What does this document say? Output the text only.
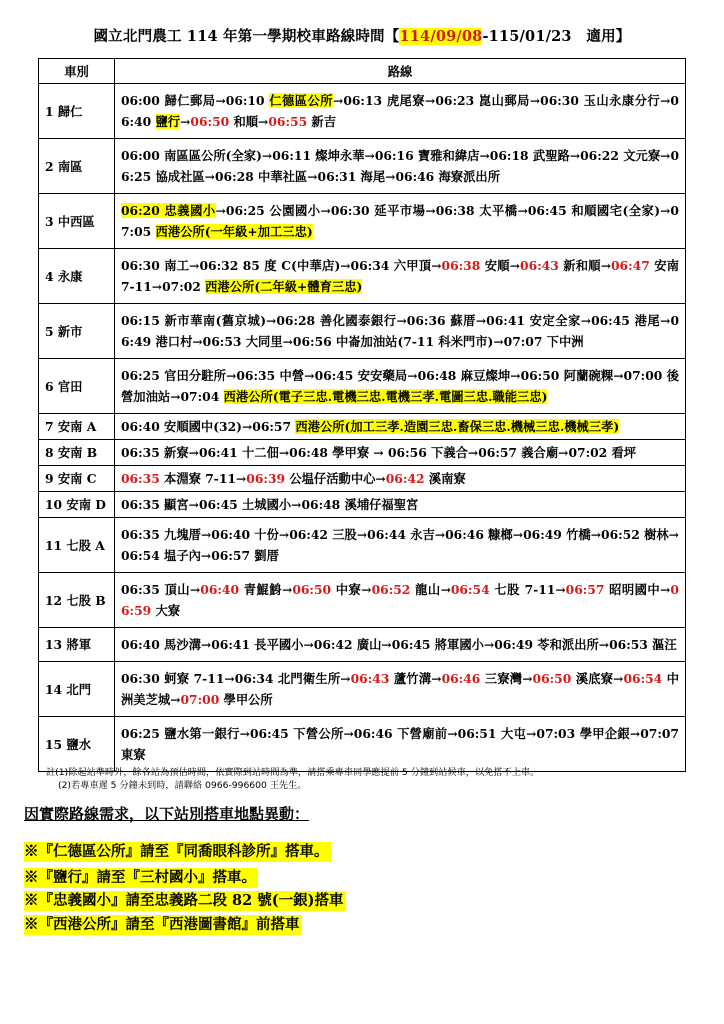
國立北門農工 114 年第一學期校車路線時間【114/09/08-115/01/23　適用】
車別	路線
1 歸仁	06:00 歸仁郵局→06:10 仁德區公所→06:13 虎尾寮→06:23 崑山郵局→06:30 玉山永康分行→06:40 鹽行→06:50 和順→06:55 新吉
2 南區	06:00 南區區公所(全家)→06:11 燦坤永華→06:16 寶雅和緯店→06:18 武聖路→06:22 文元寮→06:25 協成社區→06:28 中華社區→06:31 海尾→06:46 海寮派出所
3 中西區	06:20 忠義國小→06:25 公園國小→06:30 延平市場→06:38 太平橋→06:45 和順國宅(全家)→07:05 西港公所(一年級+加工三忠)
4 永康	06:30 南工→06:32 85 度 C(中華店)→06:34 六甲頂→06:38 安順→06:43 新和順→06:47 安南 7-11→07:02 西港公所(二年級+體育三忠)
5 新市	06:15 新市華南(舊京城)→06:28 善化國泰銀行→06:36 蘇厝→06:41 安定全家→06:45 港尾→06:49 港口村→06:53 大同里→06:56 中崙加油站(7-11 科米門市)→07:07 下中洲
6 官田	06:25 官田分駐所→06:35 中營→06:45 安安藥局→06:48 麻豆燦坤→06:50 阿蘭碗粿→07:00 後營加油站→07:04 西港公所(電子三忠.電機三忠.電機三孝.電圖三忠.職能三忠)
7 安南 A	06:40 安順國中(32)→06:57 西港公所(加工三孝.造園三忠.畜保三忠.機械三忠.機械三孝)
8 安南 B	06:35 新寮→06:41 十二佃→06:48 學甲寮 → 06:56 下義合→06:57 義合廟→07:02 看坪
9 安南 C	06:35 本淵寮 7-11→06:39 公塭仔活動中心→06:42 溪南寮
10 安南 D	06:35 顯宮→06:45 土城國小→06:48 溪埔仔福聖宮
11 七股 A	06:35 九塊厝→06:40 十份→06:42 三股→06:44 永吉→06:46 糠榔→06:49 竹橋→06:52 樹林→06:54 塭子內→06:57 劉厝
12 七股 B	06:35 頂山→06:40 青鯤鯓→06:50 中寮→06:52 龍山→06:54 七股 7-11→06:57 昭明國中→06:59 大寮
13 將軍	06:40 馬沙溝→06:41 長平國小→06:42 廣山→06:45 將軍國小→06:49 苓和派出所→06:53 漚汪
14 北門	06:30 蚵寮 7-11→06:34 北門衛生所→06:43 蘆竹溝→06:46 三寮灣→06:50 溪底寮→06:54 中洲美芝城→07:00 學甲公所
15 鹽水	06:25 鹽水第一銀行→06:45 下營公所→06:46 下營廟前→06:51 大屯→07:03 學甲企銀→07:07 東寮
註(1)除起站準時外，餘各站為預估時間，依實際到站時間為準，請搭乘專車同學應提前 5 分鐘到站候車，以免搭不上車。
(2)若專車遲 5 分鐘未到時，請聯絡 0966-996600 王先生。
因實際路線需求，以下站別搭車地點異動：
※『仁德區公所』請至『同喬眼科診所』搭車。
※『鹽行』請至『三村國小』搭車。
※『忠義國小』請至忠義路二段 82 號(一銀)搭車
※『西港公所』請至『西港圖書館』前搭車
